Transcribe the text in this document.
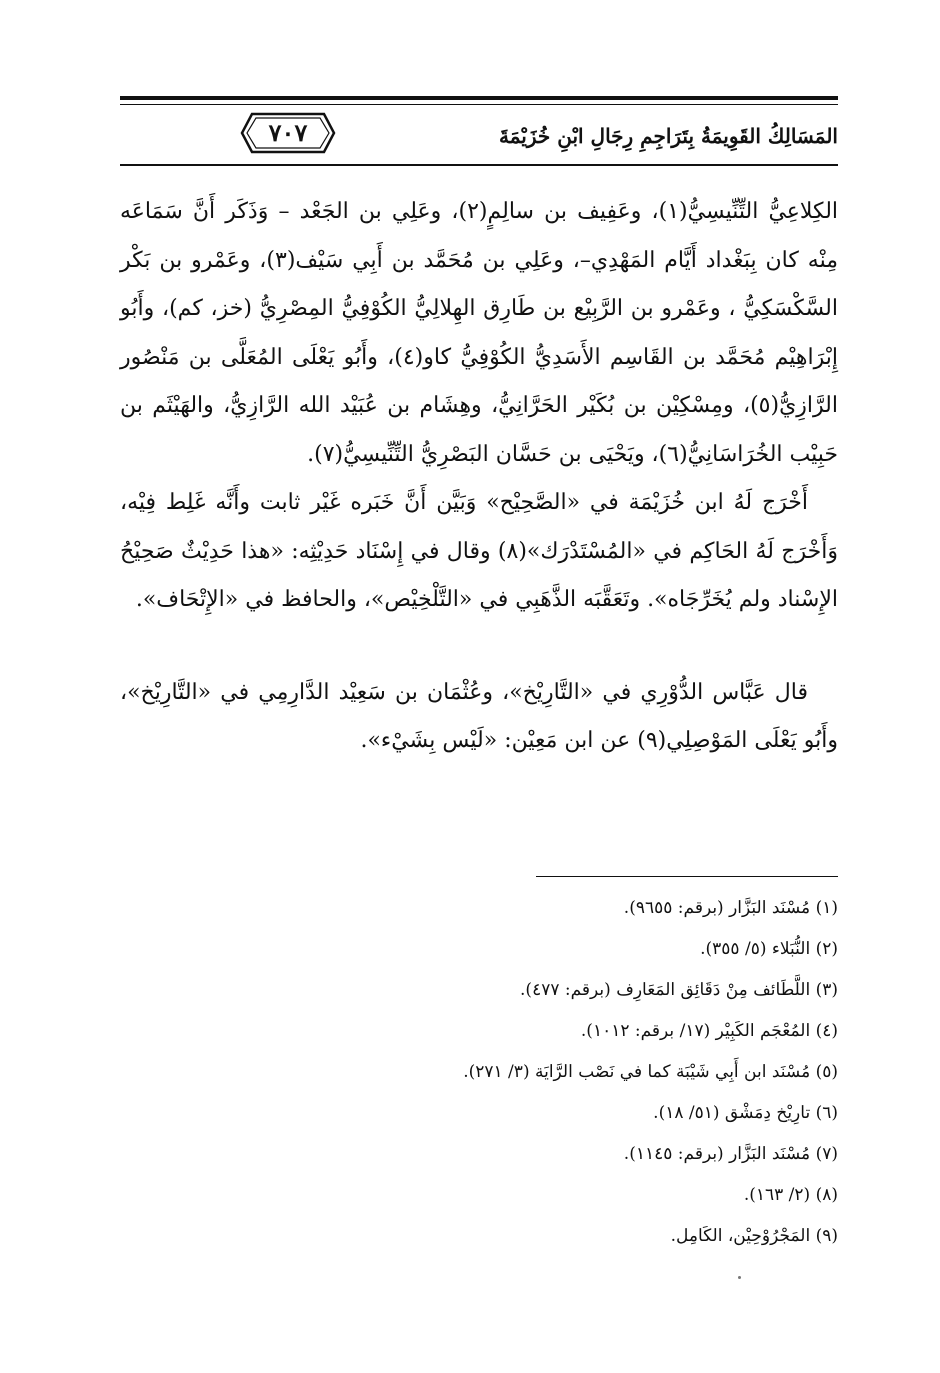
المَسَالِكُ القَوِيمَةُ بِتَرَاجِمِ رِجَالِ ابْنِ خُزَيْمَةَ
٧٠٧

الكِلاعِيُّ التِّنِّيسِيُّ(١)، وعَفِيف بن سالِمٍ(٢)، وعَلِي بن الجَعْد – وَذَكَر أَنَّ سَمَاعَه مِنْه كان بِبَغْداد أَيَّام المَهْدِي–، وعَلِي بن مُحَمَّد بن أَبِي سَيْف(٣)، وعَمْرو بن بَكْر السَّكْسَكِيُّ ، وعَمْرو بن الرَّبِيْع بن طَارِق الهِلالِيُّ الكُوْفِيُّ المِصْرِيُّ (خز، كم)، وأَبُو إِبْرَاهِيْم مُحَمَّد بن القَاسِم الأَسَدِيُّ الكُوْفِيُّ كاو(٤)، وأَبُو يَعْلَى المُعَلَّى بن مَنْصُور الرَّازِيُّ(٥)، ومِسْكِيْن بن بُكَيْر الحَرَّانِيُّ، وهِشَام بن عُبَيْد الله الرَّازِيُّ، والهَيْثَم بن حَبِيْب الخُرَاسَانِيُّ(٦)، ويَحْيَى بن حَسَّان البَصْرِيُّ التِّنِّيسِيُّ(٧).

أَخْرَج لَهُ ابن خُزَيْمَة في «الصَّحِيْح» وَبَيَّن أَنَّ خَبَره غَيْر ثابت وأَنَّه غَلِط فِيْه، وَأَخْرَج لَهُ الحَاكِم في «المُسْتَدْرَك»(٨) وقال في إِسْنَاد حَدِيْثِه: «هذا حَدِيْثٌ صَحِيْحُ الإِسْناد ولم يُخَرِّجَاه». وتَعَقَّبَه الذَّهَبِي في «التَّلْخِيْص»، والحافظ في «الإِتْحَاف».

قال عَبَّاس الدُّوْرِي في «التَّارِيْخ»، وعُثْمَان بن سَعِيْد الدَّارِمِي في «التَّارِيْخ»، وأَبُو يَعْلَى المَوْصِلِي(٩) عن ابن مَعِيْن: «لَيْس بِشَيْء».

(١) مُسْنَد البَزَّار (برقم: ٩٦٥٥).
(٢) النُّبَلاء (٥/ ٣٥٥).
(٣) اللَّطَائف مِنْ دَقَائِق المَعَارِف (برقم: ٤٧٧).
(٤) المُعْجَم الكَبِيْر (١٧/ برقم: ١٠١٢).
(٥) مُسْنَد ابن أَبِي شَيْبَة كما في نَصْب الرَّايَة (٣/ ٢٧١).
(٦) تارِيْخ دِمَشْق (٥١/ ١٨).
(٧) مُسْنَد البَزَّار (برقم: ١١٤٥).
(٨) (٢/ ١٦٣).
(٩) المَجْرُوْحِيْن، الكَامِل.
